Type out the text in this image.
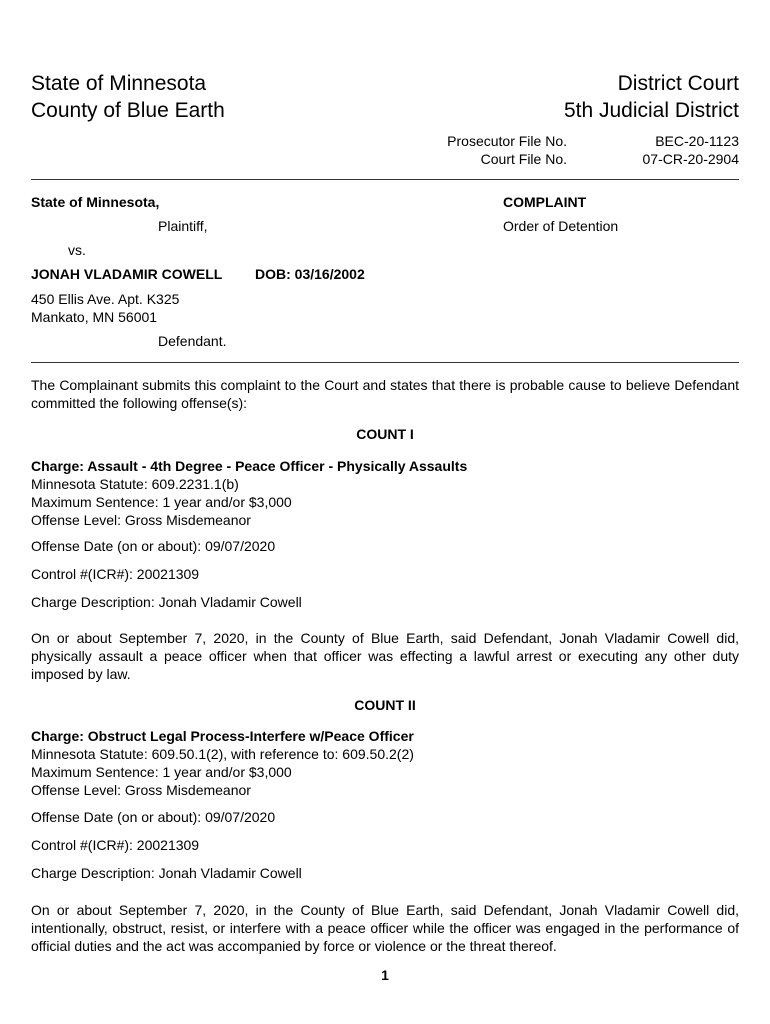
State of Minnesota
County of Blue Earth
District Court
5th Judicial District
Prosecutor File No.	BEC-20-1123
Court File No.	07-CR-20-2904
State of Minnesota,
Plaintiff,
vs.
JONAH VLADAMIR COWELL DOB: 03/16/2002
450 Ellis Ave. Apt. K325
Mankato, MN 56001
Defendant.
COMPLAINT
Order of Detention
The Complainant submits this complaint to the Court and states that there is probable cause to believe Defendant committed the following offense(s):
COUNT I
Charge: Assault - 4th Degree - Peace Officer - Physically Assaults
Minnesota Statute: 609.2231.1(b)
Maximum Sentence: 1 year and/or $3,000
Offense Level: Gross Misdemeanor
Offense Date (on or about): 09/07/2020
Control #(ICR#): 20021309
Charge Description: Jonah Vladamir Cowell
On or about September 7, 2020, in the County of Blue Earth, said Defendant, Jonah Vladamir Cowell did, physically assault a peace officer when that officer was effecting a lawful arrest or executing any other duty imposed by law.
COUNT II
Charge: Obstruct Legal Process-Interfere w/Peace Officer
Minnesota Statute: 609.50.1(2), with reference to: 609.50.2(2)
Maximum Sentence: 1 year and/or $3,000
Offense Level: Gross Misdemeanor
Offense Date (on or about): 09/07/2020
Control #(ICR#): 20021309
Charge Description: Jonah Vladamir Cowell
On or about September 7, 2020, in the County of Blue Earth, said Defendant, Jonah Vladamir Cowell did, intentionally, obstruct, resist, or interfere with a peace officer while the officer was engaged in the performance of official duties and the act was accompanied by force or violence or the threat thereof.
1
